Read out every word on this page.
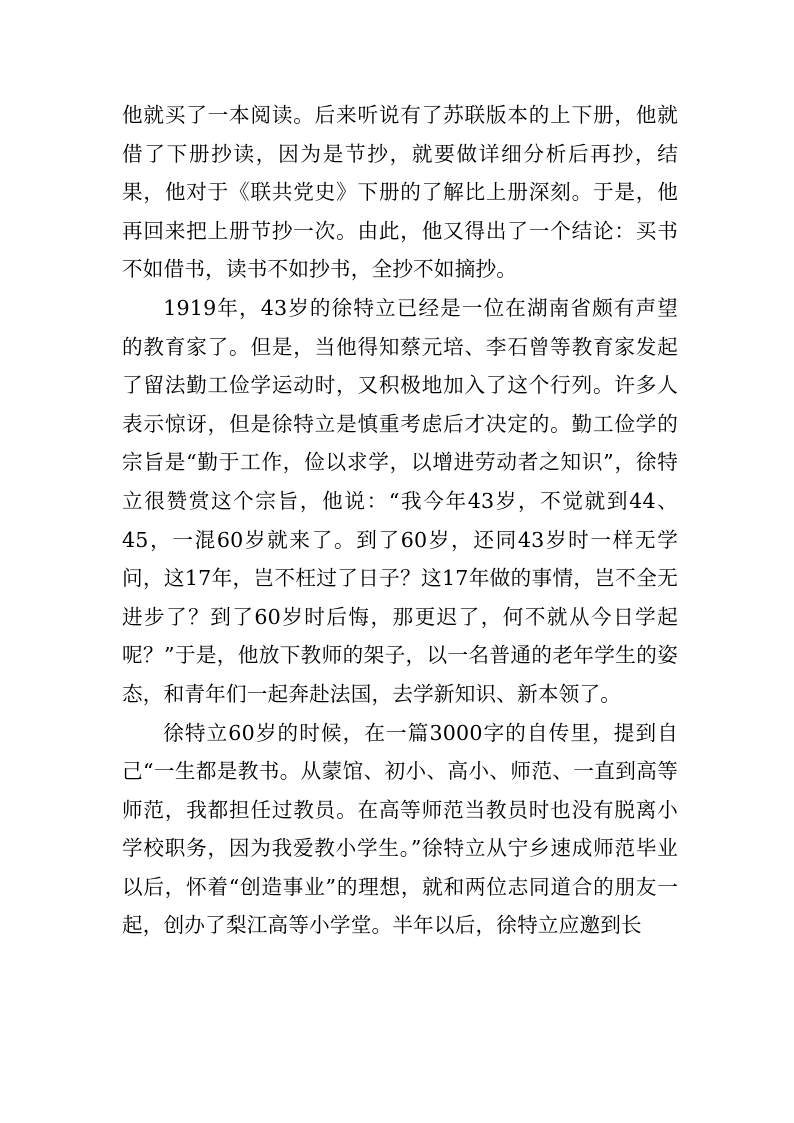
他就买了一本阅读。后来听说有了苏联版本的上下册，他就借了下册抄读，因为是节抄，就要做详细分析后再抄，结果，他对于《联共党史》下册的了解比上册深刻。于是，他再回来把上册节抄一次。由此，他又得出了一个结论：买书不如借书，读书不如抄书，全抄不如摘抄。

1919年，43岁的徐特立已经是一位在湖南省颇有声望的教育家了。但是，当他得知蔡元培、李石曾等教育家发起了留法勤工俭学运动时，又积极地加入了这个行列。许多人表示惊讶，但是徐特立是慎重考虑后才决定的。勤工俭学的宗旨是“勤于工作，俭以求学，以增进劳动者之知识”，徐特立很赞赏这个宗旨，他说：“我今年43岁，不觉就到44、45，一混60岁就来了。到了60岁，还同43岁时一样无学问，这17年，岂不枉过了日子？这17年做的事情，岂不全无进步了？到了60岁时后悔，那更迟了，何不就从今日学起呢？”于是，他放下教师的架子，以一名普通的老年学生的姿态，和青年们一起奔赴法国，去学新知识、新本领了。

徐特立60岁的时候，在一篇3000字的自传里，提到自己“一生都是教书。从蒙馆、初小、高小、师范、一直到高等师范，我都担任过教员。在高等师范当教员时也没有脱离小学校职务，因为我爱教小学生。”徐特立从宁乡速成师范毕业以后，怀着“创造事业”的理想，就和两位志同道合的朋友一起，创办了梨江高等小学堂。半年以后，徐特立应邀到长
